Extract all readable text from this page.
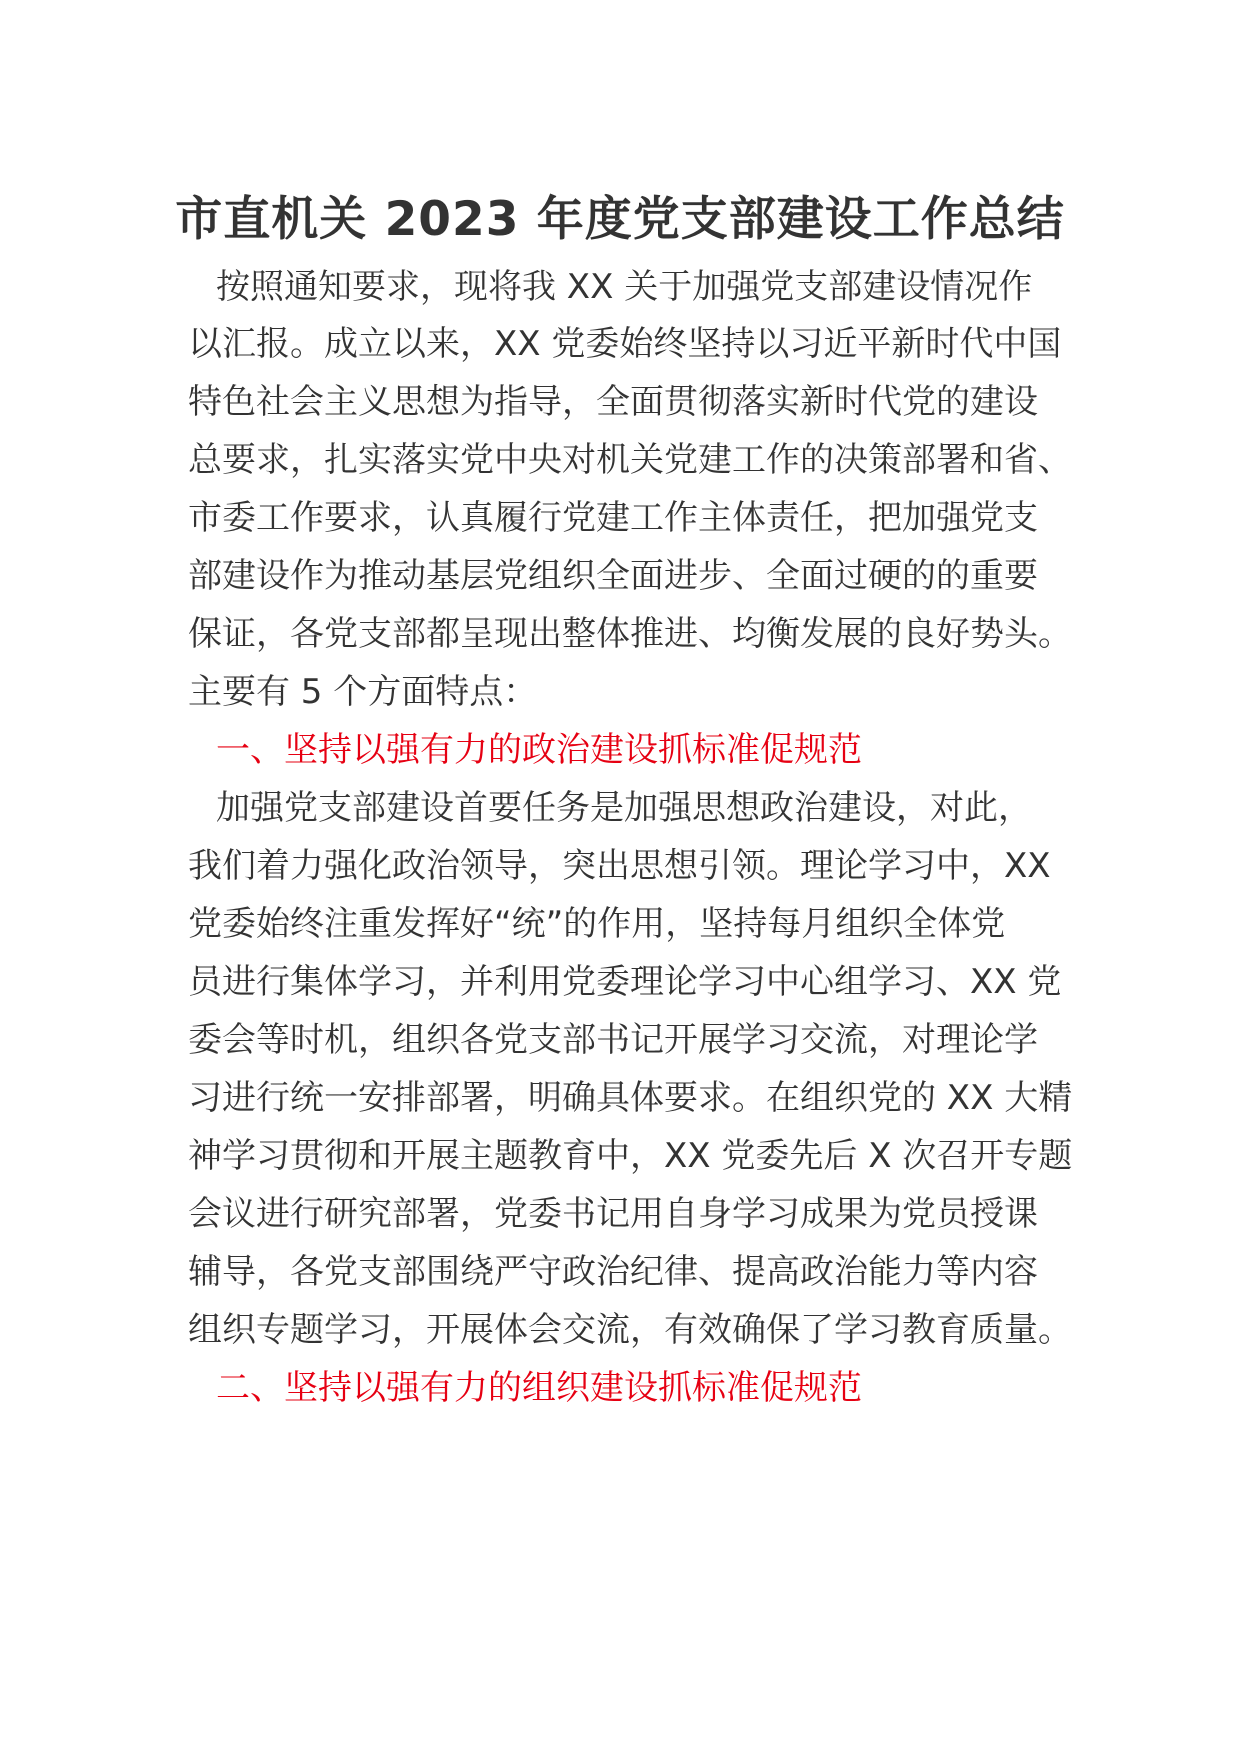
市直机关 2023 年度党支部建设工作总结
按照通知要求，现将我 XX 关于加强党支部建设情况作
以汇报。成立以来，XX 党委始终坚持以习近平新时代中国
特色社会主义思想为指导，全面贯彻落实新时代党的建设
总要求，扎实落实党中央对机关党建工作的决策部署和省、
市委工作要求，认真履行党建工作主体责任，把加强党支
部建设作为推动基层党组织全面进步、全面过硬的的重要
保证，各党支部都呈现出整体推进、均衡发展的良好势头。
主要有 5 个方面特点：
一、坚持以强有力的政治建设抓标准促规范
加强党支部建设首要任务是加强思想政治建设，对此，
我们着力强化政治领导，突出思想引领。理论学习中，XX
党委始终注重发挥好“统”的作用，坚持每月组织全体党
员进行集体学习，并利用党委理论学习中心组学习、XX 党
委会等时机，组织各党支部书记开展学习交流，对理论学
习进行统一安排部署，明确具体要求。在组织党的 XX 大精
神学习贯彻和开展主题教育中，XX 党委先后 X 次召开专题
会议进行研究部署，党委书记用自身学习成果为党员授课
辅导，各党支部围绕严守政治纪律、提高政治能力等内容
组织专题学习，开展体会交流，有效确保了学习教育质量。
二、坚持以强有力的组织建设抓标准促规范
